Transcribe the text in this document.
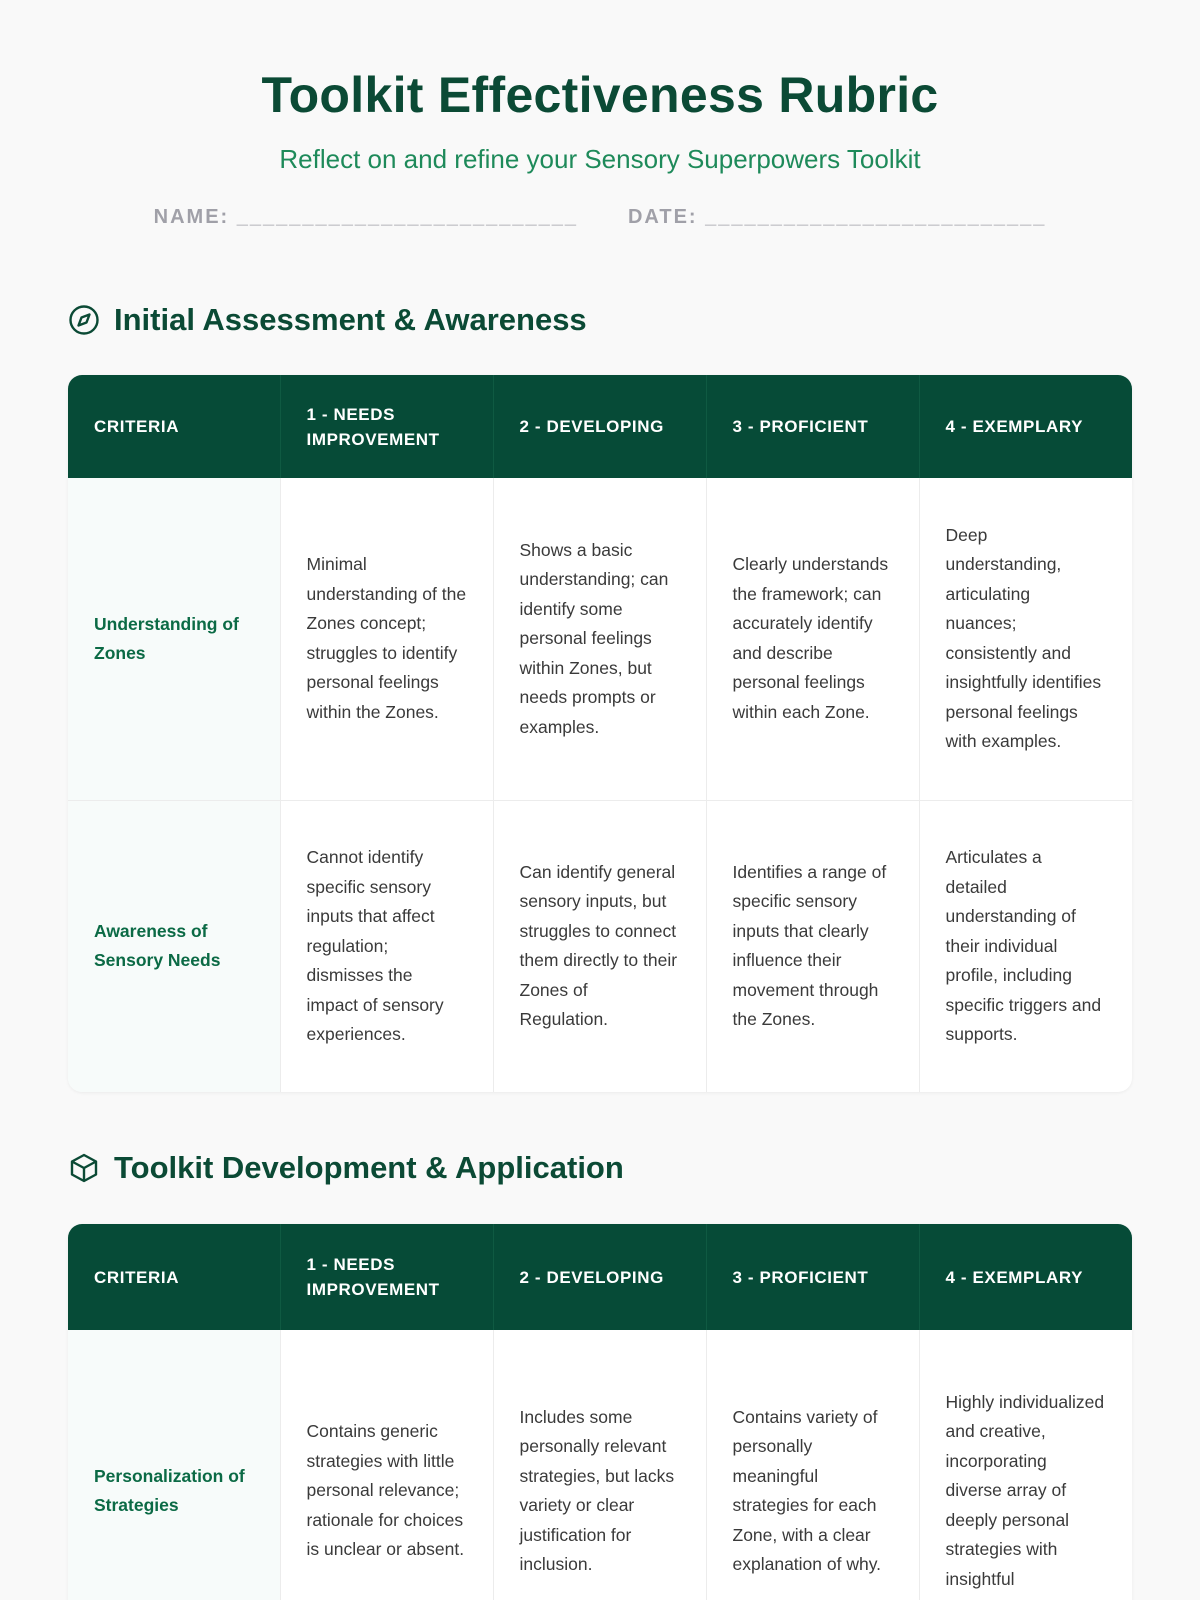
Toolkit Effectiveness Rubric
Reflect on and refine your Sensory Superpowers Toolkit
NAME: __________________________	DATE: __________________________
Initial Assessment & Awareness
CRITERIA	1 - NEEDS IMPROVEMENT	2 - DEVELOPING	3 - PROFICIENT	4 - EXEMPLARY
Understanding of Zones	Minimal understanding of the Zones concept; struggles to identify personal feelings within the Zones.	Shows a basic understanding; can identify some personal feelings within Zones, but needs prompts or examples.	Clearly understands the framework; can accurately identify and describe personal feelings within each Zone.	Deep understanding, articulating nuances; consistently and insightfully identifies personal feelings with examples.
Awareness of Sensory Needs	Cannot identify specific sensory inputs that affect regulation; dismisses the impact of sensory experiences.	Can identify general sensory inputs, but struggles to connect them directly to their Zones of Regulation.	Identifies a range of specific sensory inputs that clearly influence their movement through the Zones.	Articulates a detailed understanding of their individual profile, including specific triggers and supports.
Toolkit Development & Application
CRITERIA	1 - NEEDS IMPROVEMENT	2 - DEVELOPING	3 - PROFICIENT	4 - EXEMPLARY
Personalization of Strategies	Contains generic strategies with little personal relevance; rationale for choices is unclear or absent.	Includes some personally relevant strategies, but lacks variety or clear justification for inclusion.	Contains variety of personally meaningful strategies for each Zone, with a clear explanation of why.	Highly individualized and creative, incorporating diverse array of deeply personal strategies with insightful
